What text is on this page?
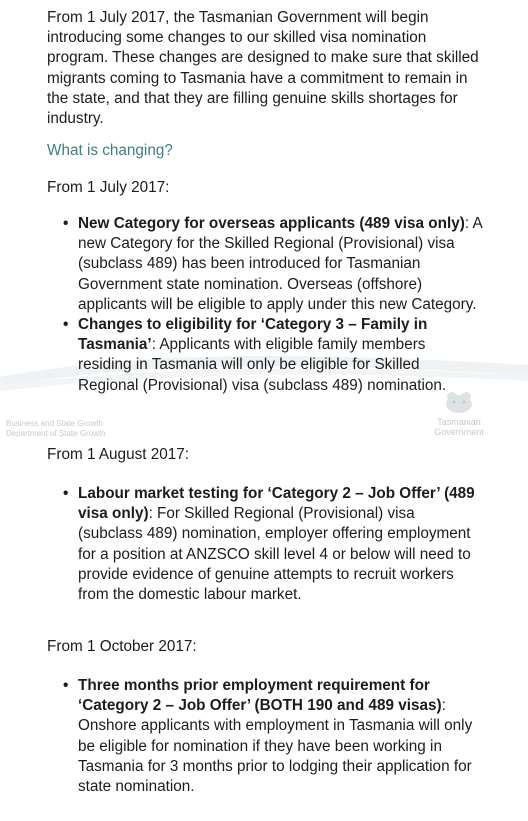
From 1 July 2017, the Tasmanian Government will begin introducing some changes to our skilled visa nomination program. These changes are designed to make sure that skilled migrants coming to Tasmania have a commitment to remain in the state, and that they are filling genuine skills shortages for industry.
What is changing?
From 1 July 2017:
• New Category for overseas applicants (489 visa only): A new Category for the Skilled Regional (Provisional) visa (subclass 489) has been introduced for Tasmanian Government state nomination. Overseas (offshore) applicants will be eligible to apply under this new Category.
• Changes to eligibility for ‘Category 3 – Family in Tasmania’: Applicants with eligible family members residing in Tasmania will only be eligible for Skilled Regional (Provisional) visa (subclass 489) nomination.
From 1 August 2017:
• Labour market testing for ‘Category 2 – Job Offer’ (489 visa only): For Skilled Regional (Provisional) visa (subclass 489) nomination, employer offering employment for a position at ANZSCO skill level 4 or below will need to provide evidence of genuine attempts to recruit workers from the domestic labour market.
From 1 October 2017:
• Three months prior employment requirement for ‘Category 2 – Job Offer’ (BOTH 190 and 489 visas): Onshore applicants with employment in Tasmania will only be eligible for nomination if they have been working in Tasmania for 3 months prior to lodging their application for state nomination.
Business and State Growth
Department of State Growth
Tasmanian
Government
